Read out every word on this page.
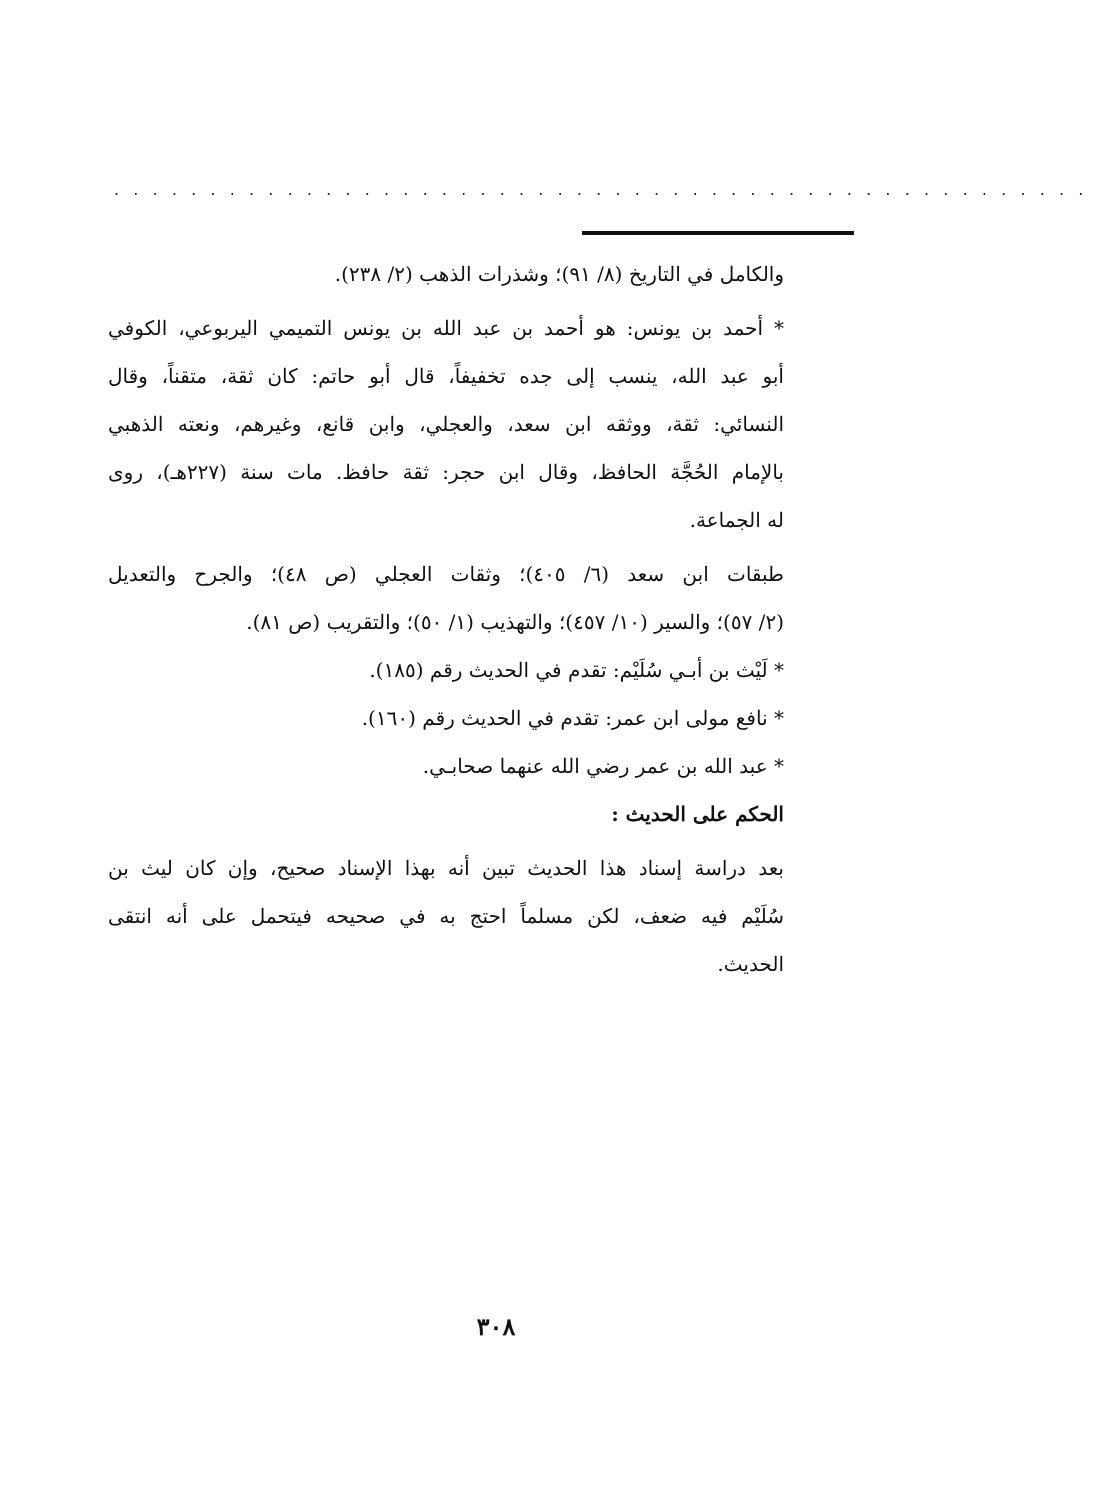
...................................................
والكامل في التاريخ (٨/ ٩١)؛ وشذرات الذهب (٢/ ٢٣٨).
* أحمد بن يونس: هو أحمد بن عبد الله بن يونس التميمي اليربوعي، الكوفي
أبو عبد الله، ينسب إلى جده تخفيفاً، قال أبو حاتم: كان ثقة، متقناً، وقال
النسائي: ثقة، ووثقه ابن سعد، والعجلي، وابن قانع، وغيرهم، ونعته الذهبي
بالإمام الحُجَّة الحافظ، وقال ابن حجر: ثقة حافظ. مات سنة (٢٢٧هـ)، روى
له الجماعة.
طبقات ابن سعد (٦/ ٤٠٥)؛ وثقات العجلي (ص ٤٨)؛ والجرح والتعديل
(٢/ ٥٧)؛ والسير (١٠/ ٤٥٧)؛ والتهذيب (١/ ٥٠)؛ والتقريب (ص ٨١).
* لَيْث بن أبـي سُلَيْم: تقدم في الحديث رقم (١٨٥).
* نافع مولى ابن عمر: تقدم في الحديث رقم (١٦٠).
* عبد الله بن عمر رضي الله عنهما صحابـي.
الحكم على الحديث :
بعد دراسة إسناد هذا الحديث تبين أنه بهذا الإسناد صحيح، وإن كان ليث بن
سُلَيْم فيه ضعف، لكن مسلماً احتج به في صحيحه فيتحمل على أنه انتقى
الحديث.
٣٠٨
